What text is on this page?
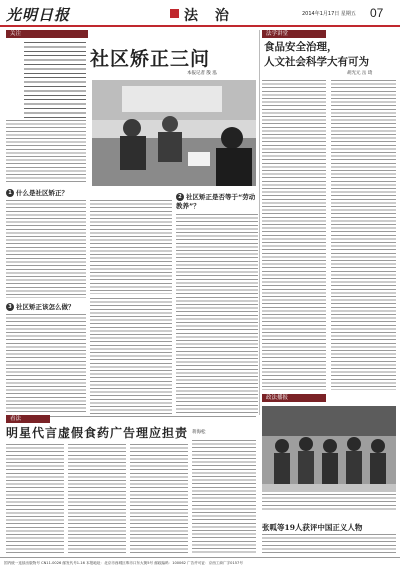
光明日报	法 治	2014年1月17日 星期五 07
关注
社区矫正三问
本报记者 殷 泓
1 什么是社区矫正？	2 社区矫正是否等于“劳动教养”？
3 社区矫正该怎么做？
法学讲堂
食品安全治理，
人文社会科学大有可为
胡光元 岳 琦
政法播报
张呱等19人获评中国正义人物
看法
明星代言虚假食药广告理应担责 蒋海松
国内统一连续出版物号 CN11-0026 邮发代号1-16 本报地址：北京市西城区珠市口东大街5号 邮政编码：100062 广告许可证：京西工商广字0157号
